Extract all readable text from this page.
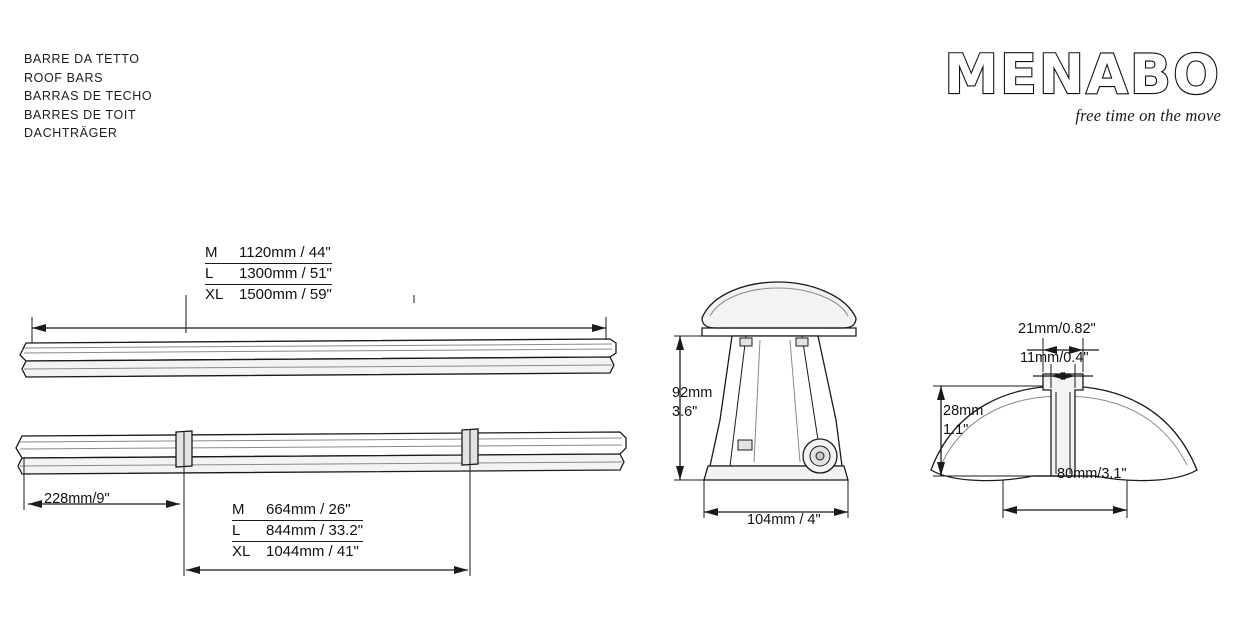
BARRE DA TETTO
ROOF BARS
BARRAS DE TECHO
BARRES DE TOIT
DACHTRÄGER
MENABO
free time on the move
M	1120mm / 44"
L	1300mm / 51"
XL	1500mm / 59"
228mm/9"
M	664mm / 26"
L	844mm / 33.2"
XL	1044mm / 41"
92mm
3.6"
104mm / 4"
21mm/0.82"
11mm/0.4"
28mm
1.1"
80mm/3.1"
